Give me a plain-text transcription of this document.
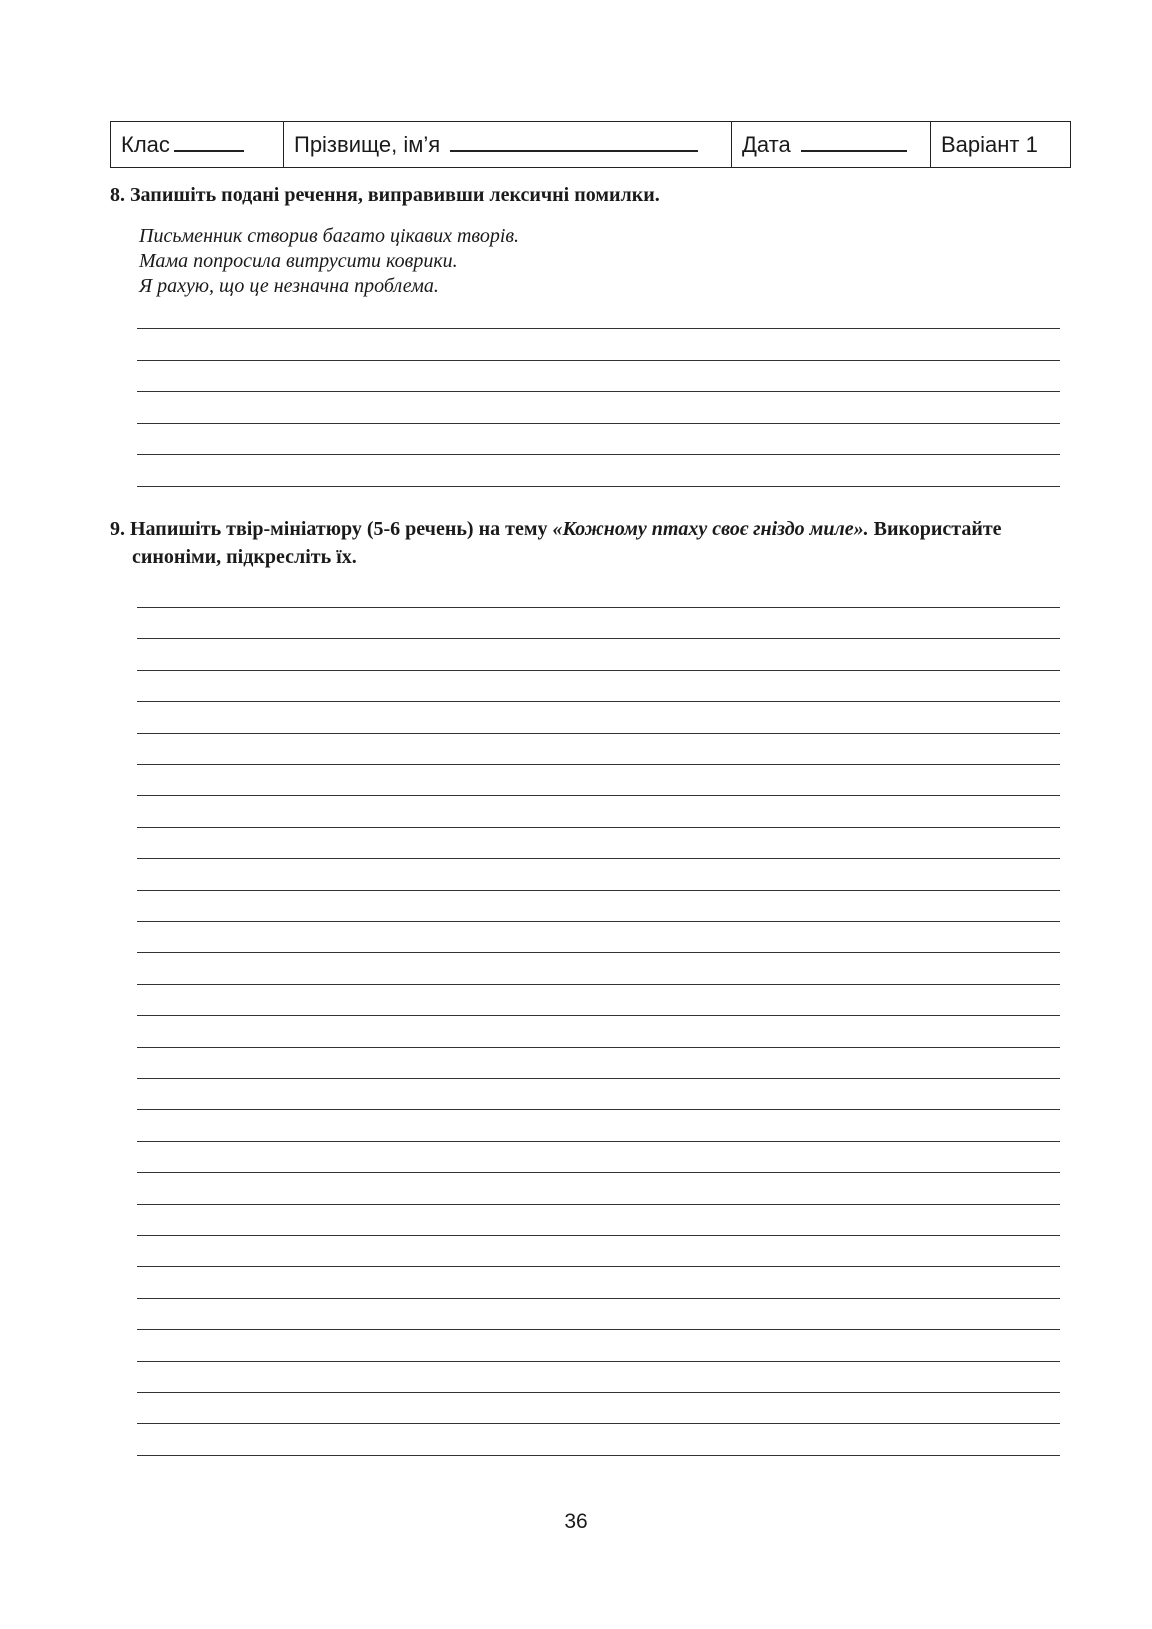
Клас	Прізвище, ім’я	Дата	Варіант 1
8. Запишіть подані речення, виправивши лексичні помилки.
Письменник створив багато цікавих творів.
Мама попросила витрусити коврики.
Я рахую, що це незначна проблема.
9. Напишіть твір-мініатюру (5-6 речень) на тему «Кожному птаху своє гніздо миле». Використайте
синоніми, підкресліть їх.
36
